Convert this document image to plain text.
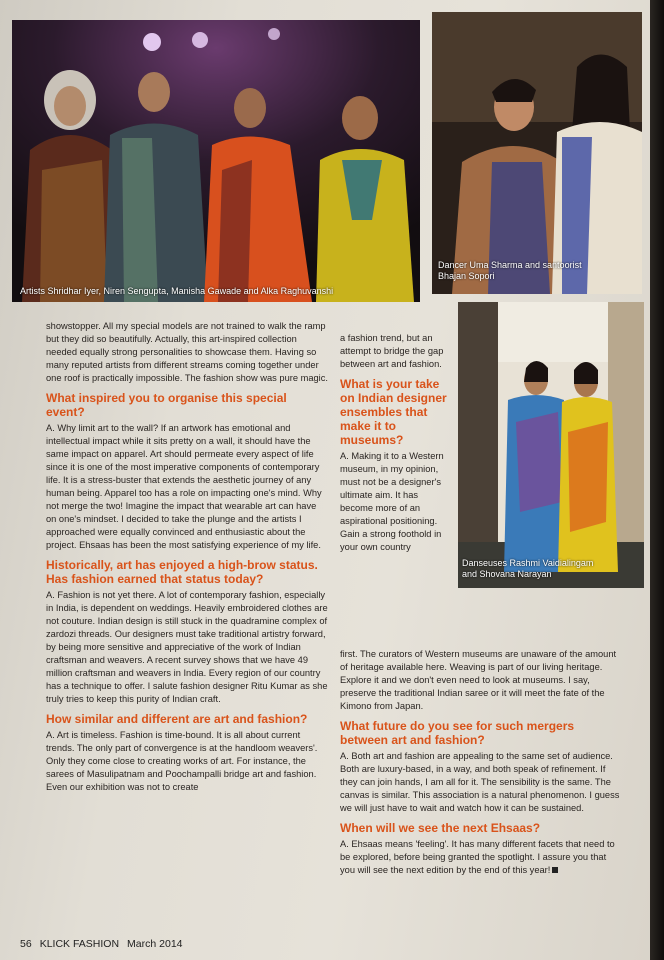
Artists Shridhar Iyer, Niren Sengupta, Manisha Gawade and Alka Raghuvanshi
Dancer Uma Sharma and santoorist Bhajan Sopori
Danseuses Rashmi Vaidialingam and Shovana Narayan

showstopper. All my special models are not trained to walk the ramp but they did so beautifully. Actually, this art-inspired collection needed equally strong personalities to showcase them. Having so many reputed artists from different streams coming together under one roof is practically impossible. The fashion show was pure magic.

What inspired you to organise this special event?

A. Why limit art to the wall? If an artwork has emotional and intellectual impact while it sits pretty on a wall, it should have the same impact on apparel. Art should permeate every aspect of life since it is one of the most imperative components of contemporary life. It is a stress-buster that extends the aesthetic journey of any human being. Apparel too has a role on impacting one's mind. Why not merge the two! Imagine the impact that wearable art can have on one's mindset. I decided to take the plunge and the artists I approached were equally convinced and enthusiastic about the project. Ehsaas has been the most satisfying experience of my life.

Historically, art has enjoyed a high-brow status. Has fashion earned that status today?

A. Fashion is not yet there. A lot of contemporary fashion, especially in India, is dependent on weddings. Heavily embroidered clothes are not couture. Indian design is still stuck in the quadramine complex of zardozi threads. Our designers must take traditional artistry forward, by being more sensitive and appreciative of the work of Indian craftsman and weavers. A recent survey shows that we have 49 million craftsman and weavers in India. Every region of our country has a technique to offer. I salute fashion designer Ritu Kumar as she truly tries to keep this purity of Indian craft.

How similar and different are art and fashion?

A. Art is timeless. Fashion is time-bound. It is all about current trends. The only part of convergence is at the handloom weavers'. Only they come close to creating works of art. For instance, the sarees of Masulipatnam and Poochampalli bridge art and fashion. Even our exhibition was not to create

a fashion trend, but an attempt to bridge the gap between art and fashion.

What is your take on Indian designer ensembles that make it to museums?

A. Making it to a Western museum, in my opinion, must not be a designer's ultimate aim. It has become more of an aspirational positioning. Gain a strong foothold in your own country

first. The curators of Western museums are unaware of the amount of heritage available here. Weaving is part of our living heritage. Explore it and we don't even need to look at museums. I say, preserve the traditional Indian saree or it will meet the fate of the Kimono from Japan.

What future do you see for such mergers between art and fashion?

A. Both art and fashion are appealing to the same set of audience. Both are luxury-based, in a way, and both speak of refinement. If they can join hands, I am all for it. The sensibility is the same. The canvas is similar. This association is a natural phenomenon. I guess we will just have to wait and watch how it can be sustained.

When will we see the next Ehsaas?

A. Ehsaas means 'feeling'. It has many different facets that need to be explored, before being granted the spotlight. I assure you that you will see the next edition by the end of this year!

56 KLICK FASHION March 2014
